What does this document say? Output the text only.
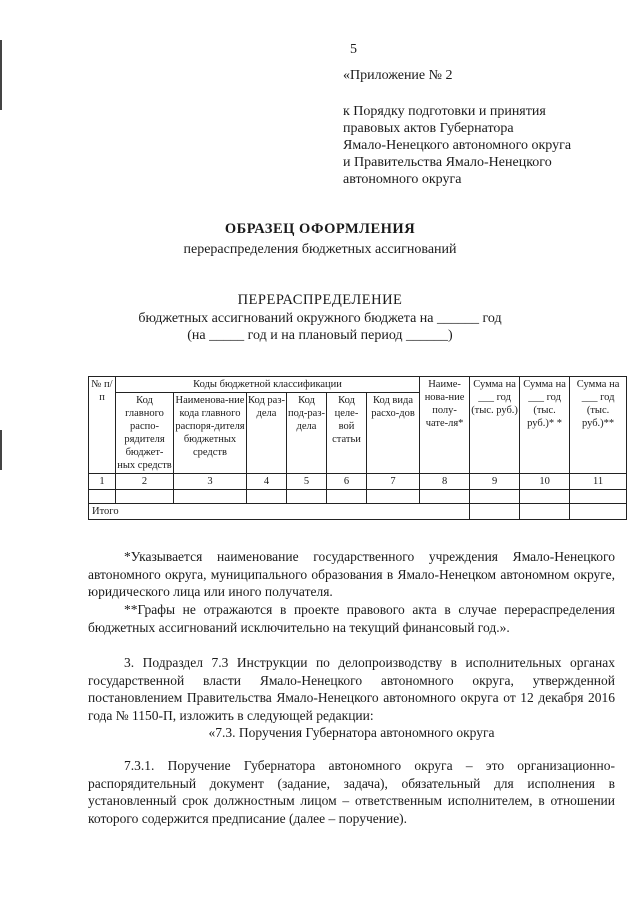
5
«Приложение № 2
к Порядку подготовки и принятия
правовых актов Губернатора
Ямало-Ненецкого автономного округа
и Правительства Ямало-Ненецкого
автономного округа
ОБРАЗЕЦ ОФОРМЛЕНИЯ
перераспределения бюджетных ассигнований
ПЕРЕРАСПРЕДЕЛЕНИЕ
бюджетных ассигнований окружного бюджета на ______ год
(на _____ год и на плановый период ______)
№ п/п	Коды бюджетной классификации						Наиме-нова-ние полу-чате-ля*	Сумма на ___ год (тыс. руб.)	Сумма на ___ год (тыс. руб.)* *	Сумма на ___ год (тыс. руб.)**
	Код главного распо-рядителя бюджет-ных средств	Наименова-ние кода главного распоря-дителя бюджетных средств	Код раз-дела	Код под-раз-дела	Код целе-вой статьи	Код вида расхо-дов				
1	2	3	4	5	6	7	8	9	10	11

Итого										
*Указывается наименование государственного учреждения Ямало-Ненецкого автономного округа, муниципального образования в Ямало-Ненецком автономном округе, юридического лица или иного получателя.
**Графы не отражаются в проекте правового акта в случае перераспределения бюджетных ассигнований исключительно на текущий финансовый год.».
3. Подраздел 7.3 Инструкции по делопроизводству в исполнительных органах государственной власти Ямало-Ненецкого автономного округа, утвержденной постановлением Правительства Ямало-Ненецкого автономного округа от 12 декабря 2016 года № 1150-П, изложить в следующей редакции:
«7.3. Поручения Губернатора автономного округа
7.3.1. Поручение Губернатора автономного округа – это организационно-распорядительный документ (задание, задача), обязательный для исполнения в установленный срок должностным лицом – ответственным исполнителем, в отношении которого содержится предписание (далее – поручение).
